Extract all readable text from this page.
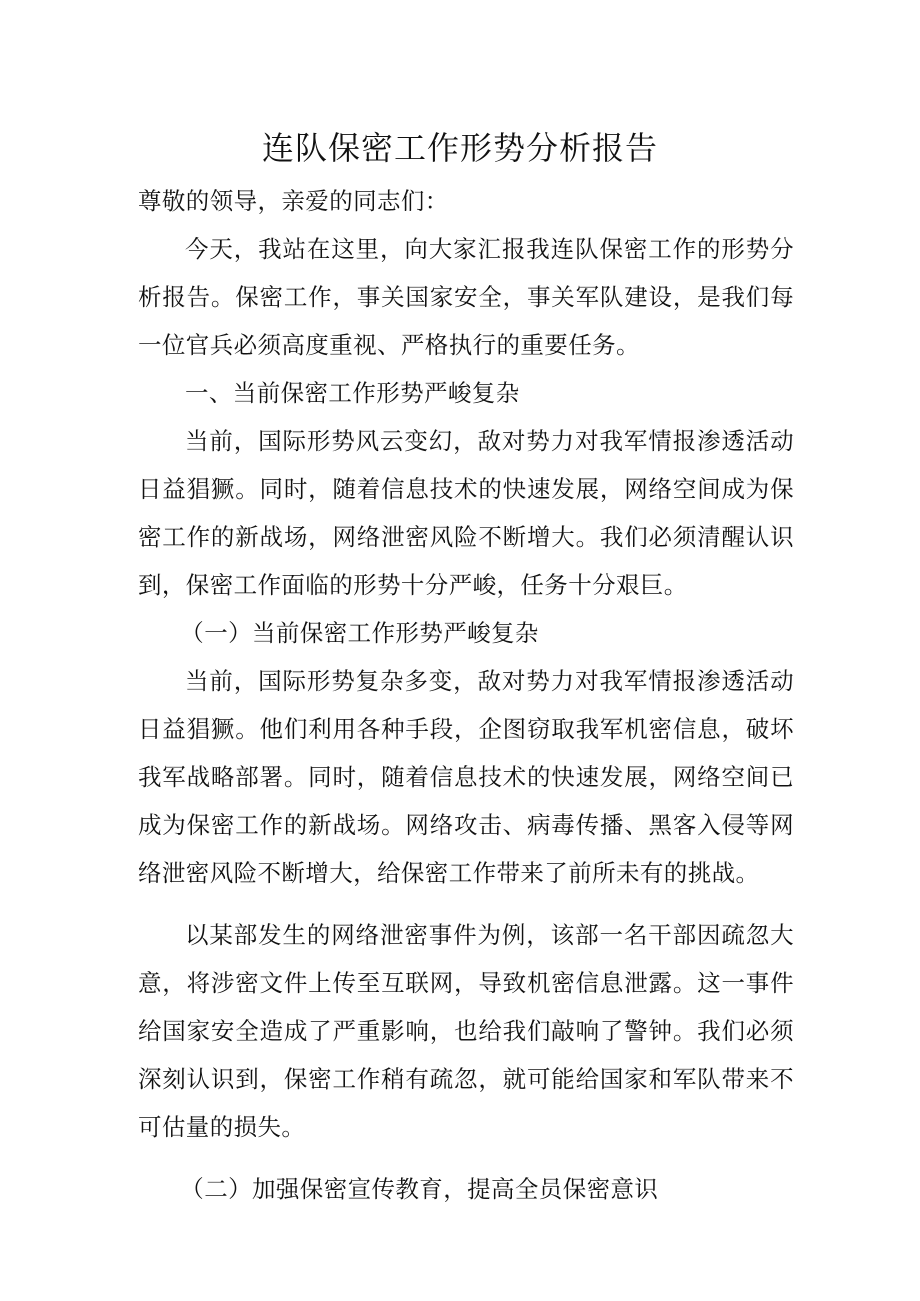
连队保密工作形势分析报告

尊敬的领导，亲爱的同志们：

今天，我站在这里，向大家汇报我连队保密工作的形势分析报告。保密工作，事关国家安全，事关军队建设，是我们每一位官兵必须高度重视、严格执行的重要任务。

一、当前保密工作形势严峻复杂

当前，国际形势风云变幻，敌对势力对我军情报渗透活动日益猖獗。同时，随着信息技术的快速发展，网络空间成为保密工作的新战场，网络泄密风险不断增大。我们必须清醒认识到，保密工作面临的形势十分严峻，任务十分艰巨。

（一）当前保密工作形势严峻复杂

当前，国际形势复杂多变，敌对势力对我军情报渗透活动日益猖獗。他们利用各种手段，企图窃取我军机密信息，破坏我军战略部署。同时，随着信息技术的快速发展，网络空间已成为保密工作的新战场。网络攻击、病毒传播、黑客入侵等网络泄密风险不断增大，给保密工作带来了前所未有的挑战。

以某部发生的网络泄密事件为例，该部一名干部因疏忽大意，将涉密文件上传至互联网，导致机密信息泄露。这一事件给国家安全造成了严重影响，也给我们敲响了警钟。我们必须深刻认识到，保密工作稍有疏忽，就可能给国家和军队带来不可估量的损失。

（二）加强保密宣传教育，提高全员保密意识
